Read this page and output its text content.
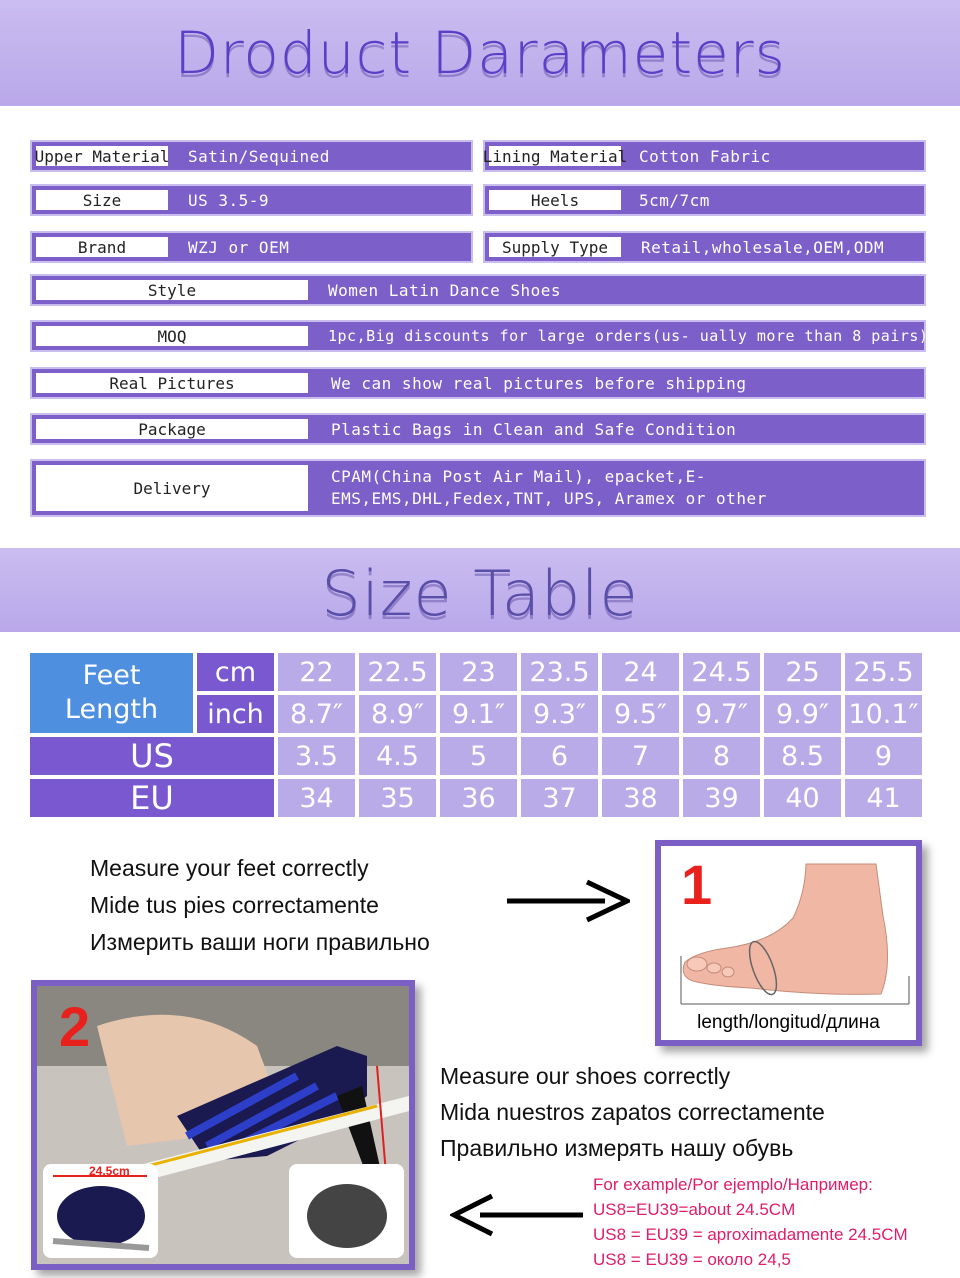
Droduct Darameters
Upper Material Satin/Sequined	Lining Material Cotton Fabric
Size	US 3.5-9	Heels	5cm/7cm
Brand	WZJ or OEM	Supply Type	Retail,wholesale,OEM,ODM
Style	Women Latin Dance Shoes
MOQ	1pc,Big discounts for large orders(us- ually more than 8 pairs)
Real Pictures	We can show real pictures before shipping
Package	Plastic Bags in Clean and Safe Condition
Delivery
CPAM(China Post Air Mail), epacket,E-EMS,EMS,DHL,Fedex,TNT, UPS, Aramex or other
Size Table
Feet
Length	cm	22	22.5	23	23.5	24	24.5	25	25.5
	inch	8.7″	8.9″	9.1″	9.3″	9.5″	9.7″	9.9″	10.1″
US		3.5	4.5	5	6	7	8	8.5	9
EU		34	35	36	37	38	39	40	41
Measure your feet correctly
Mide tus pies correctamente
Измерить ваши ноги правильно
1
length/longitud/длина
2
24.5cm
Measure our shoes correctly
Mida nuestros zapatos correctamente
Правильно измерять нашу обувь
For example/Por ejemplo/Например:
US8=EU39=about 24.5CM
US8 = EU39 = aproximadamente 24.5CM
US8 = EU39 = около 24,5
